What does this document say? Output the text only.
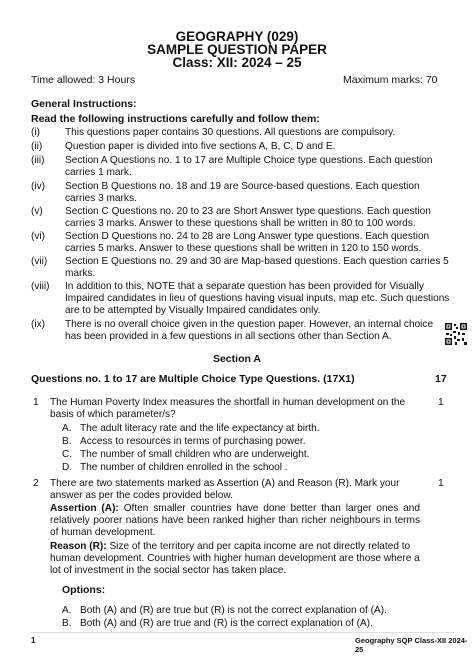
GEOGRAPHY (029)
SAMPLE QUESTION PAPER
Class: XII: 2024 – 25
Time allowed: 3 Hours	Maximum marks: 70
General Instructions:
Read the following instructions carefully and follow them:
(i)	This questions paper contains 30 questions. All questions are compulsory.
(ii)	Question paper is divided into five sections A, B, C, D and E.
(iii)	Section A Questions no. 1 to 17 are Multiple Choice type questions. Each question carries 1 mark.
(iv)	Section B Questions no. 18 and 19 are Source-based questions. Each question carries 3 marks.
(v)	Section C Questions no. 20 to 23 are Short Answer type questions. Each question carries 3 marks. Answer to these questions shall be written in 80 to 100 words.
(vi)	Section D Questions no. 24 to 28 are Long Answer type questions. Each question carries 5 marks. Answer to these questions shall be written in 120 to 150 words.
(vii)	Section E Questions no. 29 and 30 are Map-based questions. Each question carries 5 marks.
(viii)	In addition to this, NOTE that a separate question has been provided for Visually Impaired candidates in lieu of questions having visual inputs, map etc. Such questions are to be attempted by Visually Impaired candidates only.
(ix)	There is no overall choice given in the question paper. However, an internal choice has been provided in a few questions in all sections other than Section A.
Section A
Questions no. 1 to 17 are Multiple Choice Type Questions. (17X1)	17
1	1
The Human Poverty Index measures the shortfall in human development on the basis of which parameter/s?
A. The adult literacy rate and the life expectancy at birth.
B. Access to resources in terms of purchasing power.
C. The number of small children who are underweight.
D. The number of children enrolled in the school .
2	1
There are two statements marked as Assertion (A) and Reason (R). Mark your answer as per the codes provided below.
Assertion (A): Often smaller countries have done better than larger ones and relatively poorer nations have been ranked higher than richer neighbours in terms of human development.
Reason (R): Size of the territory and per capita income are not directly related to human development. Countries with higher human development are those where a lot of investment in the social sector has taken place.
Options:
A. Both (A) and (R) are true but (R) is not the correct explanation of (A).
B. Both (A) and (R) are true and (R) is the correct explanation of (A).
1	Geography SQP Class-XII 2024-25
